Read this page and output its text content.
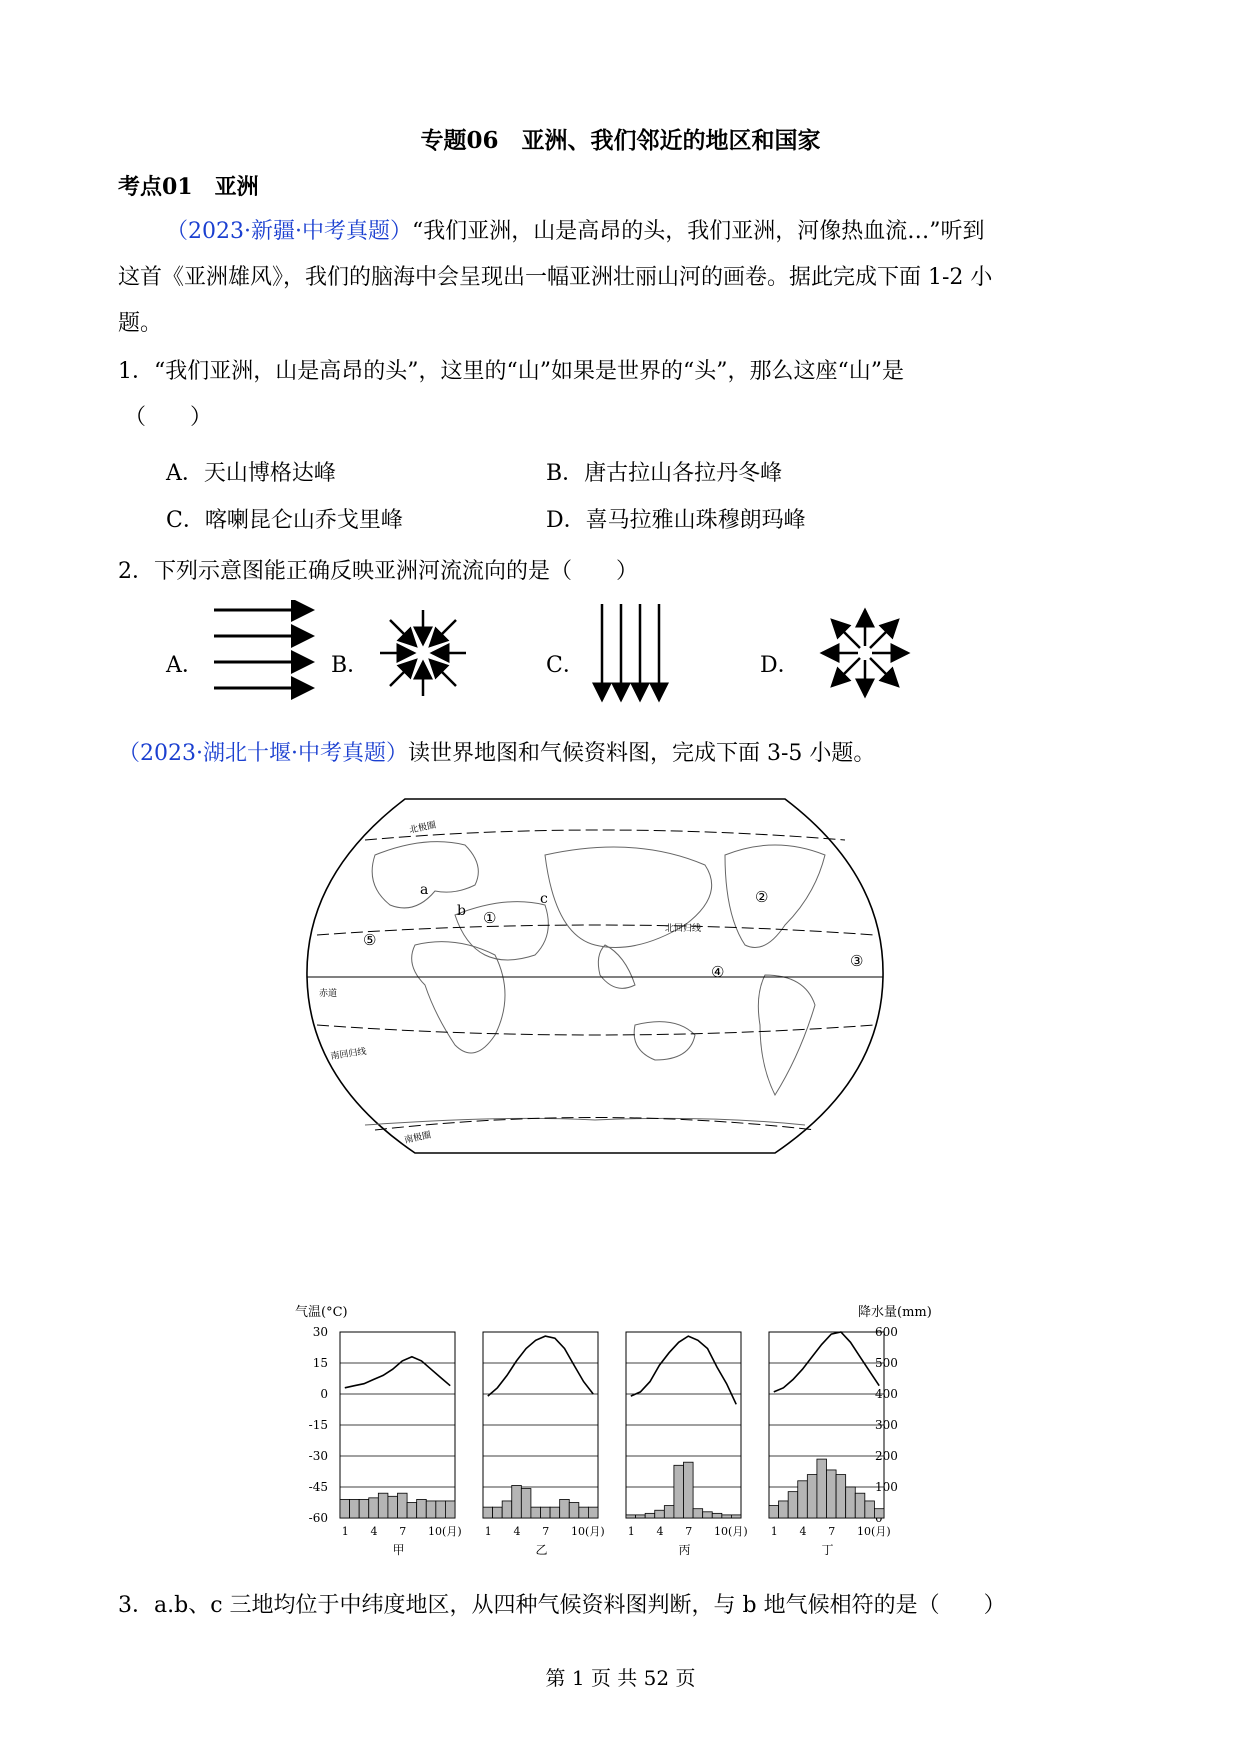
专题06　亚洲、我们邻近的地区和国家
考点01　亚洲
（2023·新疆·中考真题）“我们亚洲，山是高昂的头，我们亚洲，河像热血流…”听到
这首《亚洲雄风》，我们的脑海中会呈现出一幅亚洲壮丽山河的画卷。据此完成下面 1-2 小
题。
1．“我们亚洲，山是高昂的头”，这里的“山”如果是世界的“头”，那么这座“山”是
（　　）
A．天山博格达峰	B．唐古拉山各拉丹冬峰
C．喀喇昆仑山乔戈里峰	D．喜马拉雅山珠穆朗玛峰
2．下列示意图能正确反映亚洲河流流向的是（　　）
A．	B．	C．	D．
（2023·湖北十堰·中考真题）读世界地图和气候资料图，完成下面 3-5 小题。
北极圈
北回归线
赤道
南回归线
南极圈
a
b
c
①
②
③
④
⑤
气温(°C)	降水量(mm)
30
15
0
-15
-30
-45
-60
600
500
400
300
200
100
1 4 7 10(月)
甲
1 4 7 10(月)
乙
1 4 7 10(月)
丙
1 4 7 10(月)
丁
3．a.b、c 三地均位于中纬度地区，从四种气候资料图判断，与 b 地气候相符的是（　　）
第 1 页 共 52 页
